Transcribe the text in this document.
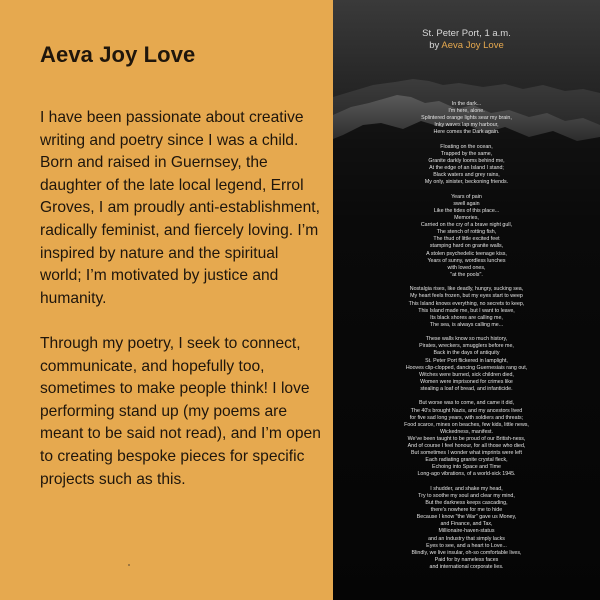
Aeva Joy Love

I have been passionate about creative writing and poetry since I was a child. Born and raised in Guernsey, the daughter of the late local legend, Errol Groves, I am proudly anti-establishment, radically feminist, and fiercely loving. I’m inspired by nature and the spiritual world; I’m motivated by justice and humanity.

Through my poetry, I seek to connect, communicate, and hopefully too, sometimes to make people think! I love performing stand up (my poems are meant to be said not read), and I’m open to creating bespoke pieces for specific projects such as this.

St. Peter Port, 1 a.m.
by Aeva Joy Love
In the dark...
I'm here, alone.
Splintered orange lights sear my brain,
Inky waves lap my harbour,
Here comes the Dark again.
Floating on the ocean,
Trapped by the same,
Granite darkly looms behind me,
At the edge of an Island I stand;
Black waters and grey rains,
My only, sinister, beckoning friends.
Years of pain
swell again
Like the tides of this place...
Memories,
Carried on the cry of a brave night gull,
The stench of rotting fish,
The thud of little excited feet
stamping hard on granite walls,
A stolen psychedelic teenage kiss,
Years of sunny, wordless lunches
with loved ones,
"at the pools".
Nostalgia rises, like deadly, hungry, sucking sea,
My heart feels frozen, but my eyes start to weep
This Island knows everything, no secrets to keep,
This Island made me, but I want to leave,
Its black shores are calling me,
The sea, is always calling me...
These walls know so much history,
Pirates, wreckers, smugglers before me,
Back in the days of antiquity
St. Peter Port flickered in lamplight,
Hooves clip-clopped, dancing Guernesiais rang out,
Witches were burned, sick children died,
Women were imprisoned for crimes like
stealing a loaf of bread, and infanticide.
But worse was to come, and came it did,
The 40's brought Nazis, and my ancestors lived
for five sad long years, with soldiers and threats;
Food scarce, mines on beaches, few kids, little news,
Wickedness, manifest.
We've been taught to be proud of our British-ness,
And of course I feel honour, for all those who died,
But sometimes I wonder what imprints were left
Each radiating granite crystal fleck,
Echoing into Space and Time
Long-ago vibrations, of a world-sick 1945.
I shudder, and shake my head,
Try to soothe my soul and clear my mind,
But the darkness keeps cascading,
there's nowhere for me to hide
Because I know "the War" gave us Money,
and Finance, and Tax,
Millionaire-haven-status
and an Industry that simply lacks
Eyes to see, and a heart to Love...
Blindly, we live insular, oh-so comfortable lives,
Paid for by nameless faces
and international corporate lies.
